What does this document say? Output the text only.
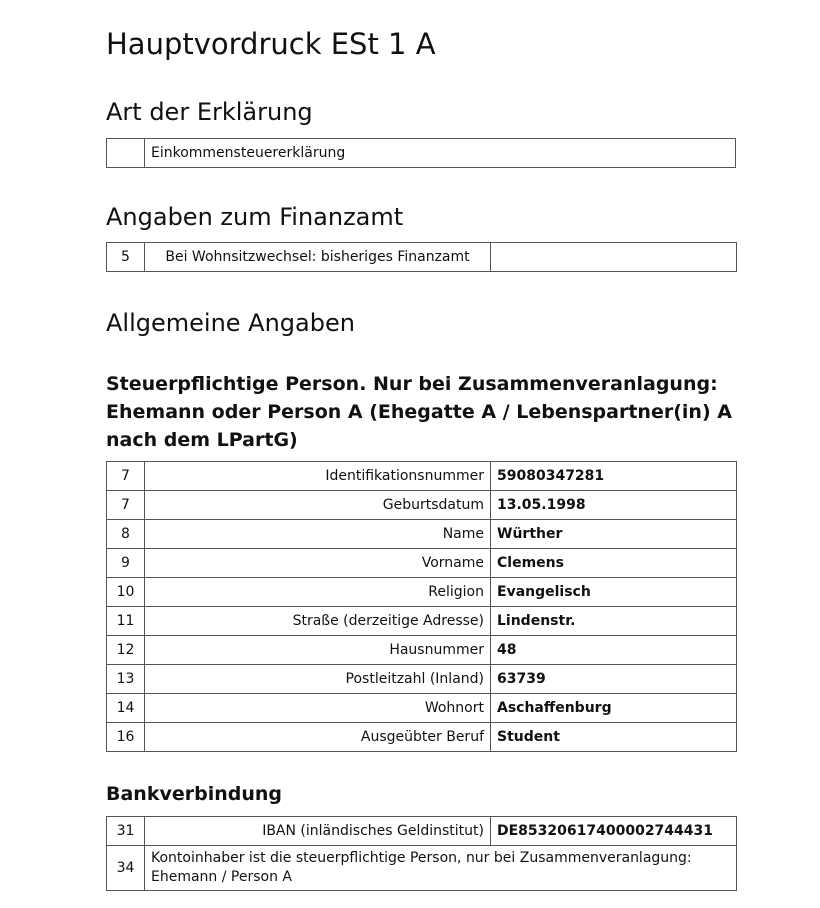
Hauptvordruck ESt 1 A
Art der Erklärung
	Einkommensteuererklärung
Angaben zum Finanzamt
5	Bei Wohnsitzwechsel: bisheriges Finanzamt	
Allgemeine Angaben
Steuerpflichtige Person. Nur bei Zusammenveranlagung: Ehemann oder Person A (Ehegatte A / Lebenspartner(in) A nach dem LPartG)
7	Identifikationsnummer	59080347281
7	Geburtsdatum	13.05.1998
8	Name	Würther
9	Vorname	Clemens
10	Religion	Evangelisch
11	Straße (derzeitige Adresse)	Lindenstr.
12	Hausnummer	48
13	Postleitzahl (Inland)	63739
14	Wohnort	Aschaffenburg
16	Ausgeübter Beruf	Student
Bankverbindung
31	IBAN (inländisches Geldinstitut)	DE85320617400002744431
34	Kontoinhaber ist die steuerpflichtige Person, nur bei Zusammenveranlagung: Ehemann / Person A	
